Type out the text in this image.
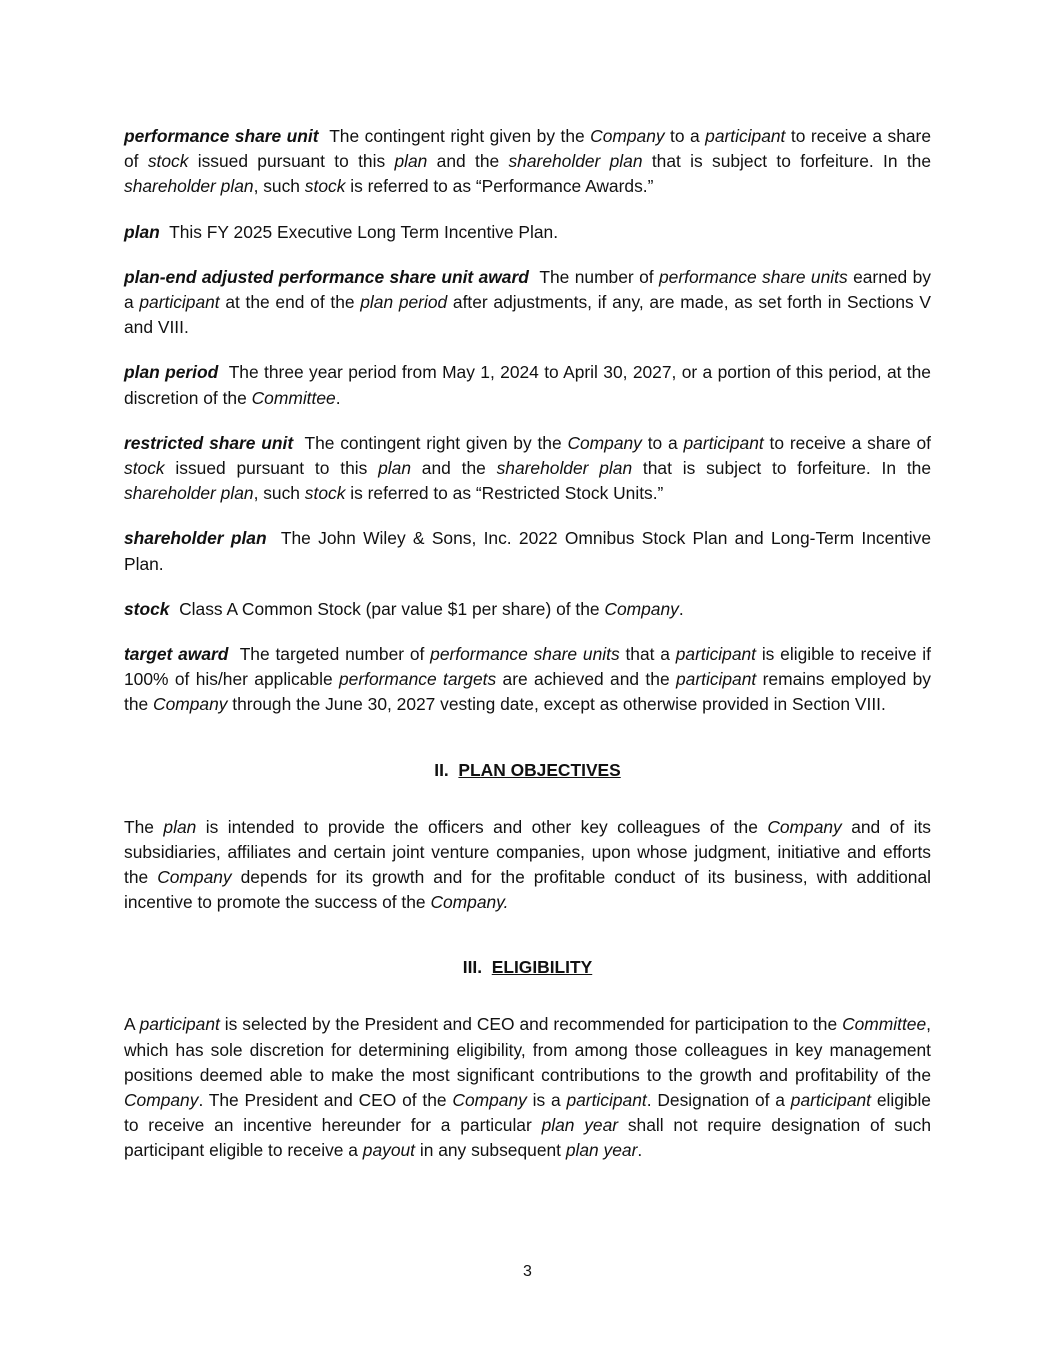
performance share unit The contingent right given by the Company to a participant to receive a share of stock issued pursuant to this plan and the shareholder plan that is subject to forfeiture. In the shareholder plan, such stock is referred to as “Performance Awards.”

plan This FY 2025 Executive Long Term Incentive Plan.

plan-end adjusted performance share unit award The number of performance share units earned by a participant at the end of the plan period after adjustments, if any, are made, as set forth in Sections V and VIII.

plan period The three year period from May 1, 2024 to April 30, 2027, or a portion of this period, at the discretion of the Committee.

restricted share unit The contingent right given by the Company to a participant to receive a share of stock issued pursuant to this plan and the shareholder plan that is subject to forfeiture. In the shareholder plan, such stock is referred to as “Restricted Stock Units.”

shareholder plan The John Wiley & Sons, Inc. 2022 Omnibus Stock Plan and Long-Term Incentive Plan.

stock Class A Common Stock (par value $1 per share) of the Company.

target award The targeted number of performance share units that a participant is eligible to receive if 100% of his/her applicable performance targets are achieved and the participant remains employed by the Company through the June 30, 2027 vesting date, except as otherwise provided in Section VIII.

II. PLAN OBJECTIVES

The plan is intended to provide the officers and other key colleagues of the Company and of its subsidiaries, affiliates and certain joint venture companies, upon whose judgment, initiative and efforts the Company depends for its growth and for the profitable conduct of its business, with additional incentive to promote the success of the Company.

III. ELIGIBILITY

A participant is selected by the President and CEO and recommended for participation to the Committee, which has sole discretion for determining eligibility, from among those colleagues in key management positions deemed able to make the most significant contributions to the growth and profitability of the Company. The President and CEO of the Company is a participant. Designation of a participant eligible to receive an incentive hereunder for a particular plan year shall not require designation of such participant eligible to receive a payout in any subsequent plan year.

3
